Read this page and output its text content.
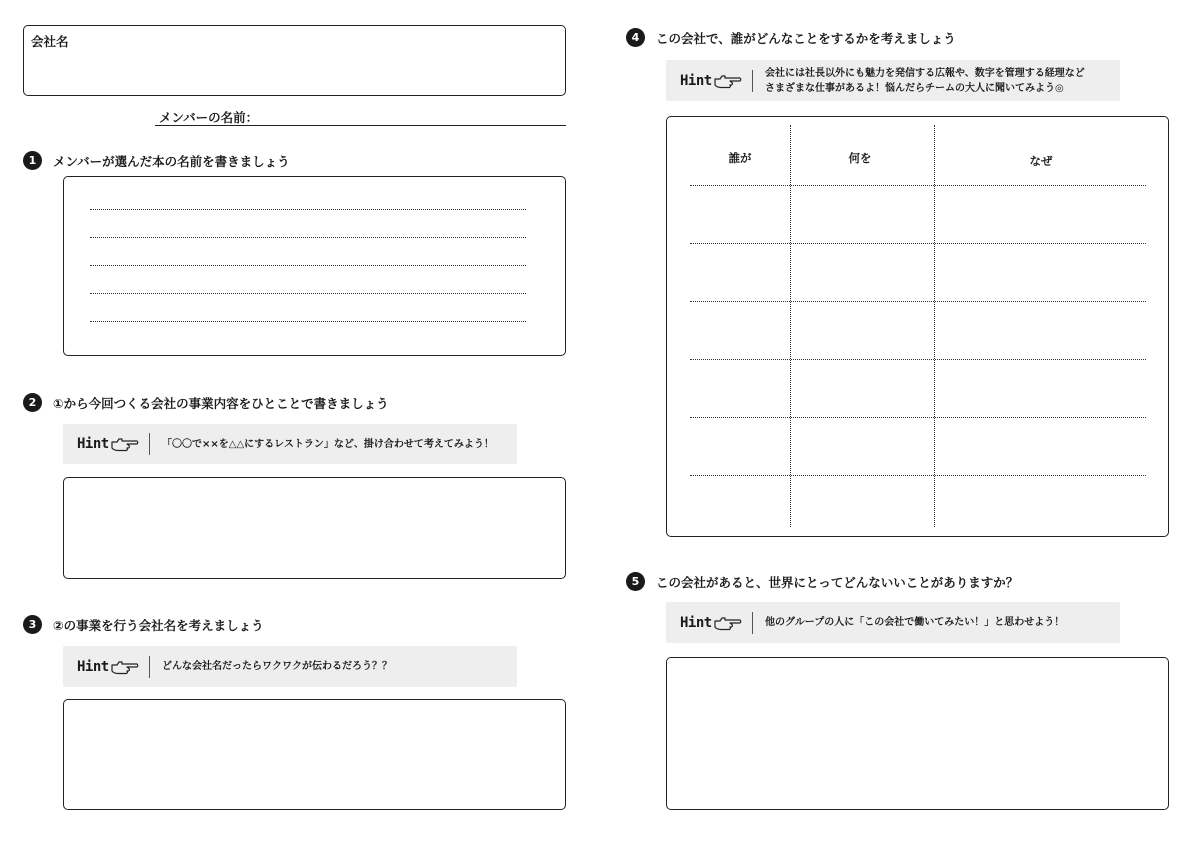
会社名
メンバーの名前：
1	メンバーが選んだ本の名前を書きましょう
2	①から今回つくる会社の事業内容をひとことで書きましょう
Hint	「〇〇で××を△△にするレストラン」など、掛け合わせて考えてみよう！
3	②の事業を行う会社名を考えましょう
Hint	どんな会社名だったらワクワクが伝わるだろう？？
4	この会社で、誰がどんなことをするかを考えましょう
Hint	会社には社長以外にも魅力を発信する広報や、数字を管理する経理など
さまざまな仕事があるよ！悩んだらチームの大人に聞いてみよう◎
誰が	何を	なぜ
5	この会社があると、世界にとってどんないいことがありますか？
Hint	他のグループの人に「この会社で働いてみたい！」と思わせよう！
